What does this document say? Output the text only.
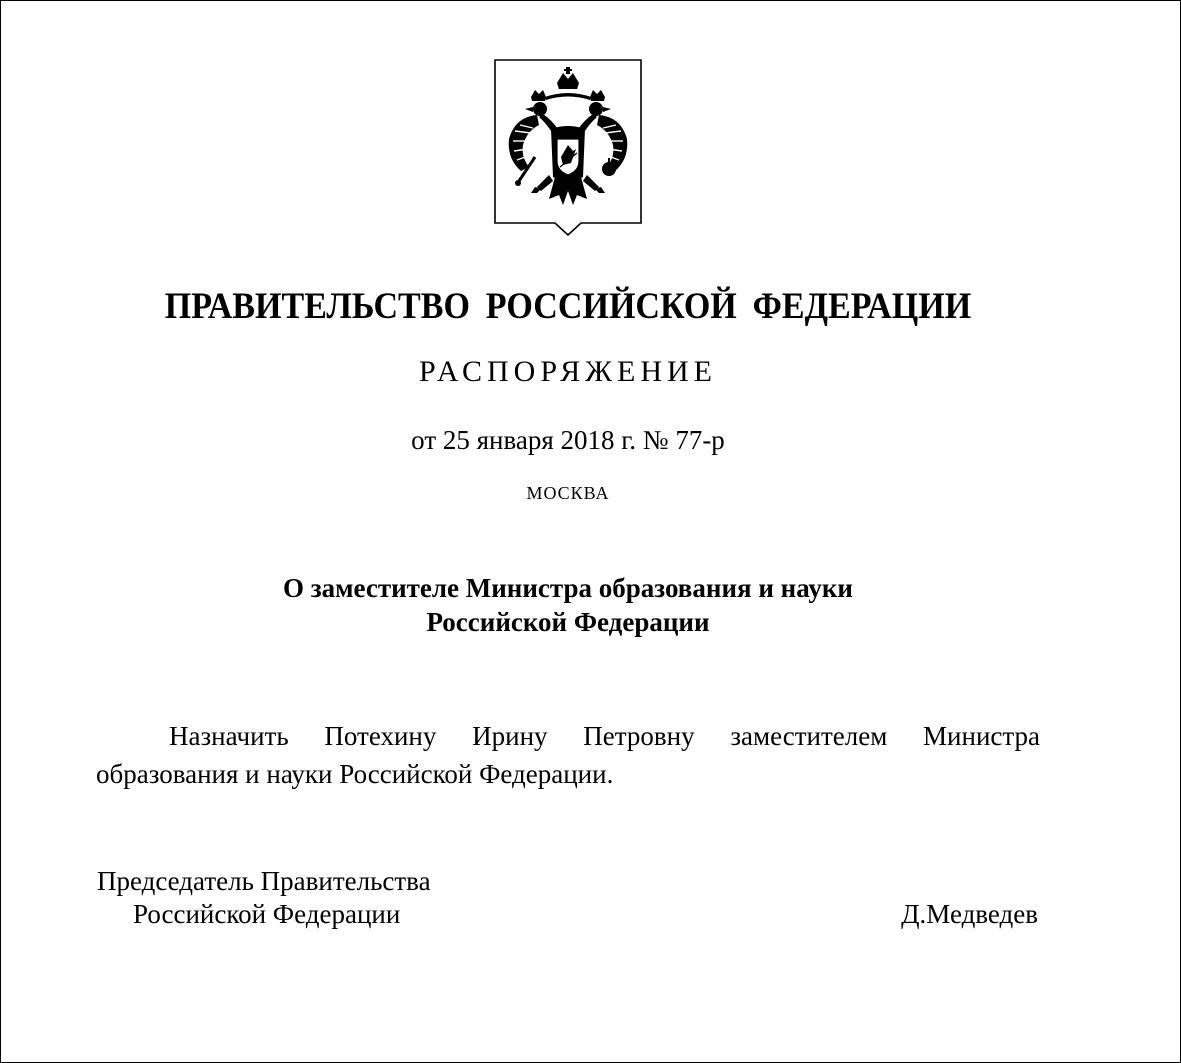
ПРАВИТЕЛЬСТВО РОССИЙСКОЙ ФЕДЕРАЦИИ
РАСПОРЯЖЕНИЕ
от 25 января 2018 г. № 77-р
МОСКВА
О заместителе Министра образования и науки
Российской Федерации
Назначить Потехину Ирину Петровну заместителем Министра образования и науки Российской Федерации.
Председатель Правительства
Российской Федерации	Д.Медведев
